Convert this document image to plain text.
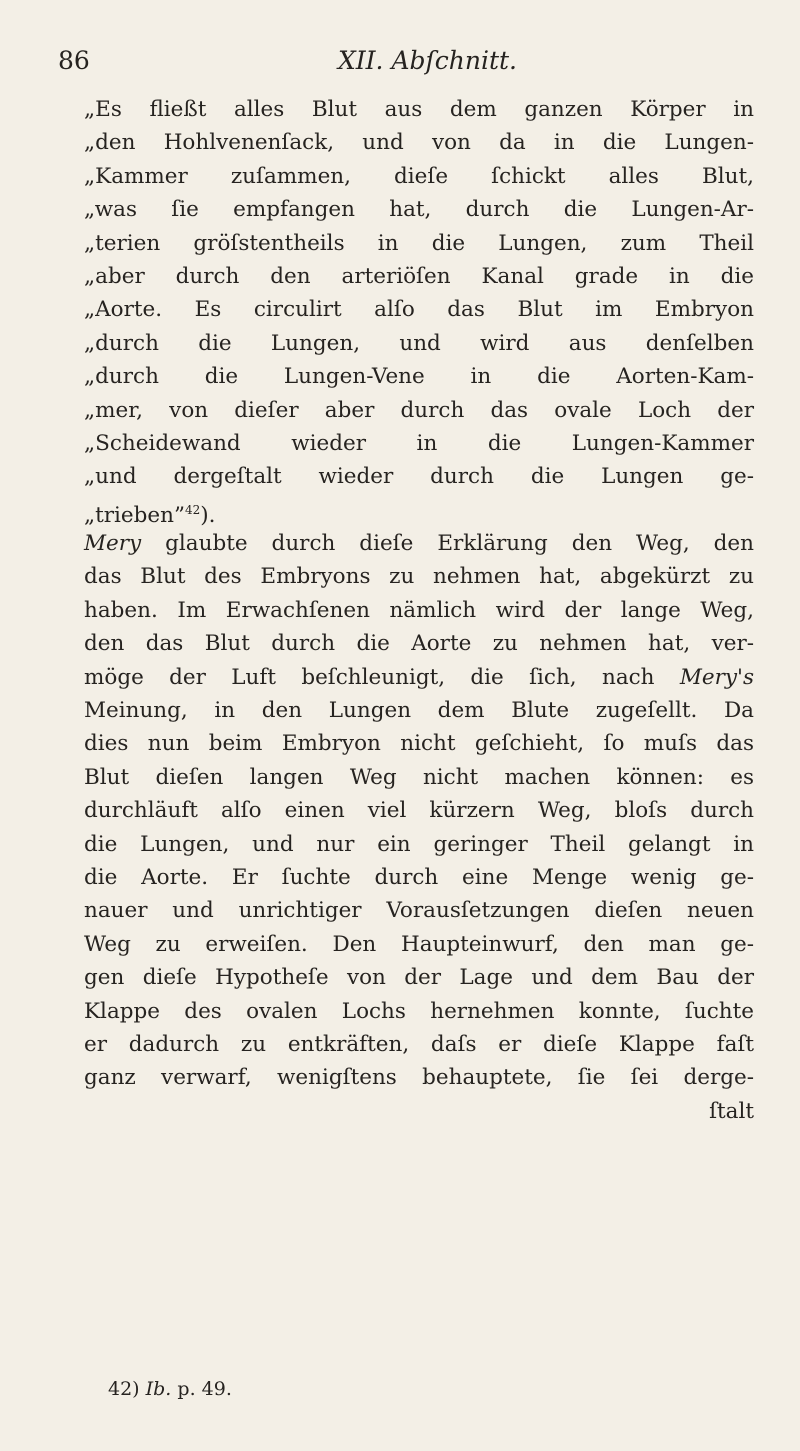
86	XII. Abſchnitt.
„Es fließt alles Blut aus dem ganzen Körper in
„den Hohlvenenſack, und von da in die Lungen-
„Kammer zuſammen, dieſe ſchickt alles Blut,
„was ſie empfangen hat, durch die Lungen-Ar-
„terien gröſstentheils in die Lungen, zum Theil
„aber durch den arteriöſen Kanal grade in die
„Aorte. Es circulirt alſo das Blut im Embryon
„durch die Lungen, und wird aus denſelben
„durch die Lungen-Vene in die Aorten-Kam-
„mer, von dieſer aber durch das ovale Loch der
„Scheidewand wieder in die Lungen-Kammer
„und dergeſtalt wieder durch die Lungen ge-
„trieben”$^{42}$).
Mery glaubte durch dieſe Erklärung den Weg, den
das Blut des Embryons zu nehmen hat, abgekürzt zu
haben. Im Erwachſenen nämlich wird der lange Weg,
den das Blut durch die Aorte zu nehmen hat, ver-
möge der Luft beſchleunigt, die ſich, nach Mery's
Meinung, in den Lungen dem Blute zugeſellt. Da
dies nun beim Embryon nicht geſchieht, ſo muſs das
Blut dieſen langen Weg nicht machen können: es
durchläuft alſo einen viel kürzern Weg, bloſs durch
die Lungen, und nur ein geringer Theil gelangt in
die Aorte. Er ſuchte durch eine Menge wenig ge-
nauer und unrichtiger Vorausſetzungen dieſen neuen
Weg zu erweiſen. Den Haupteinwurf, den man ge-
gen dieſe Hypotheſe von der Lage und dem Bau der
Klappe des ovalen Lochs hernehmen konnte, ſuchte
er dadurch zu entkräften, daſs er dieſe Klappe faſt
ganz verwarf, wenigſtens behauptete, ſie ſei derge-
ſtalt
42) Ib. p. 49.
